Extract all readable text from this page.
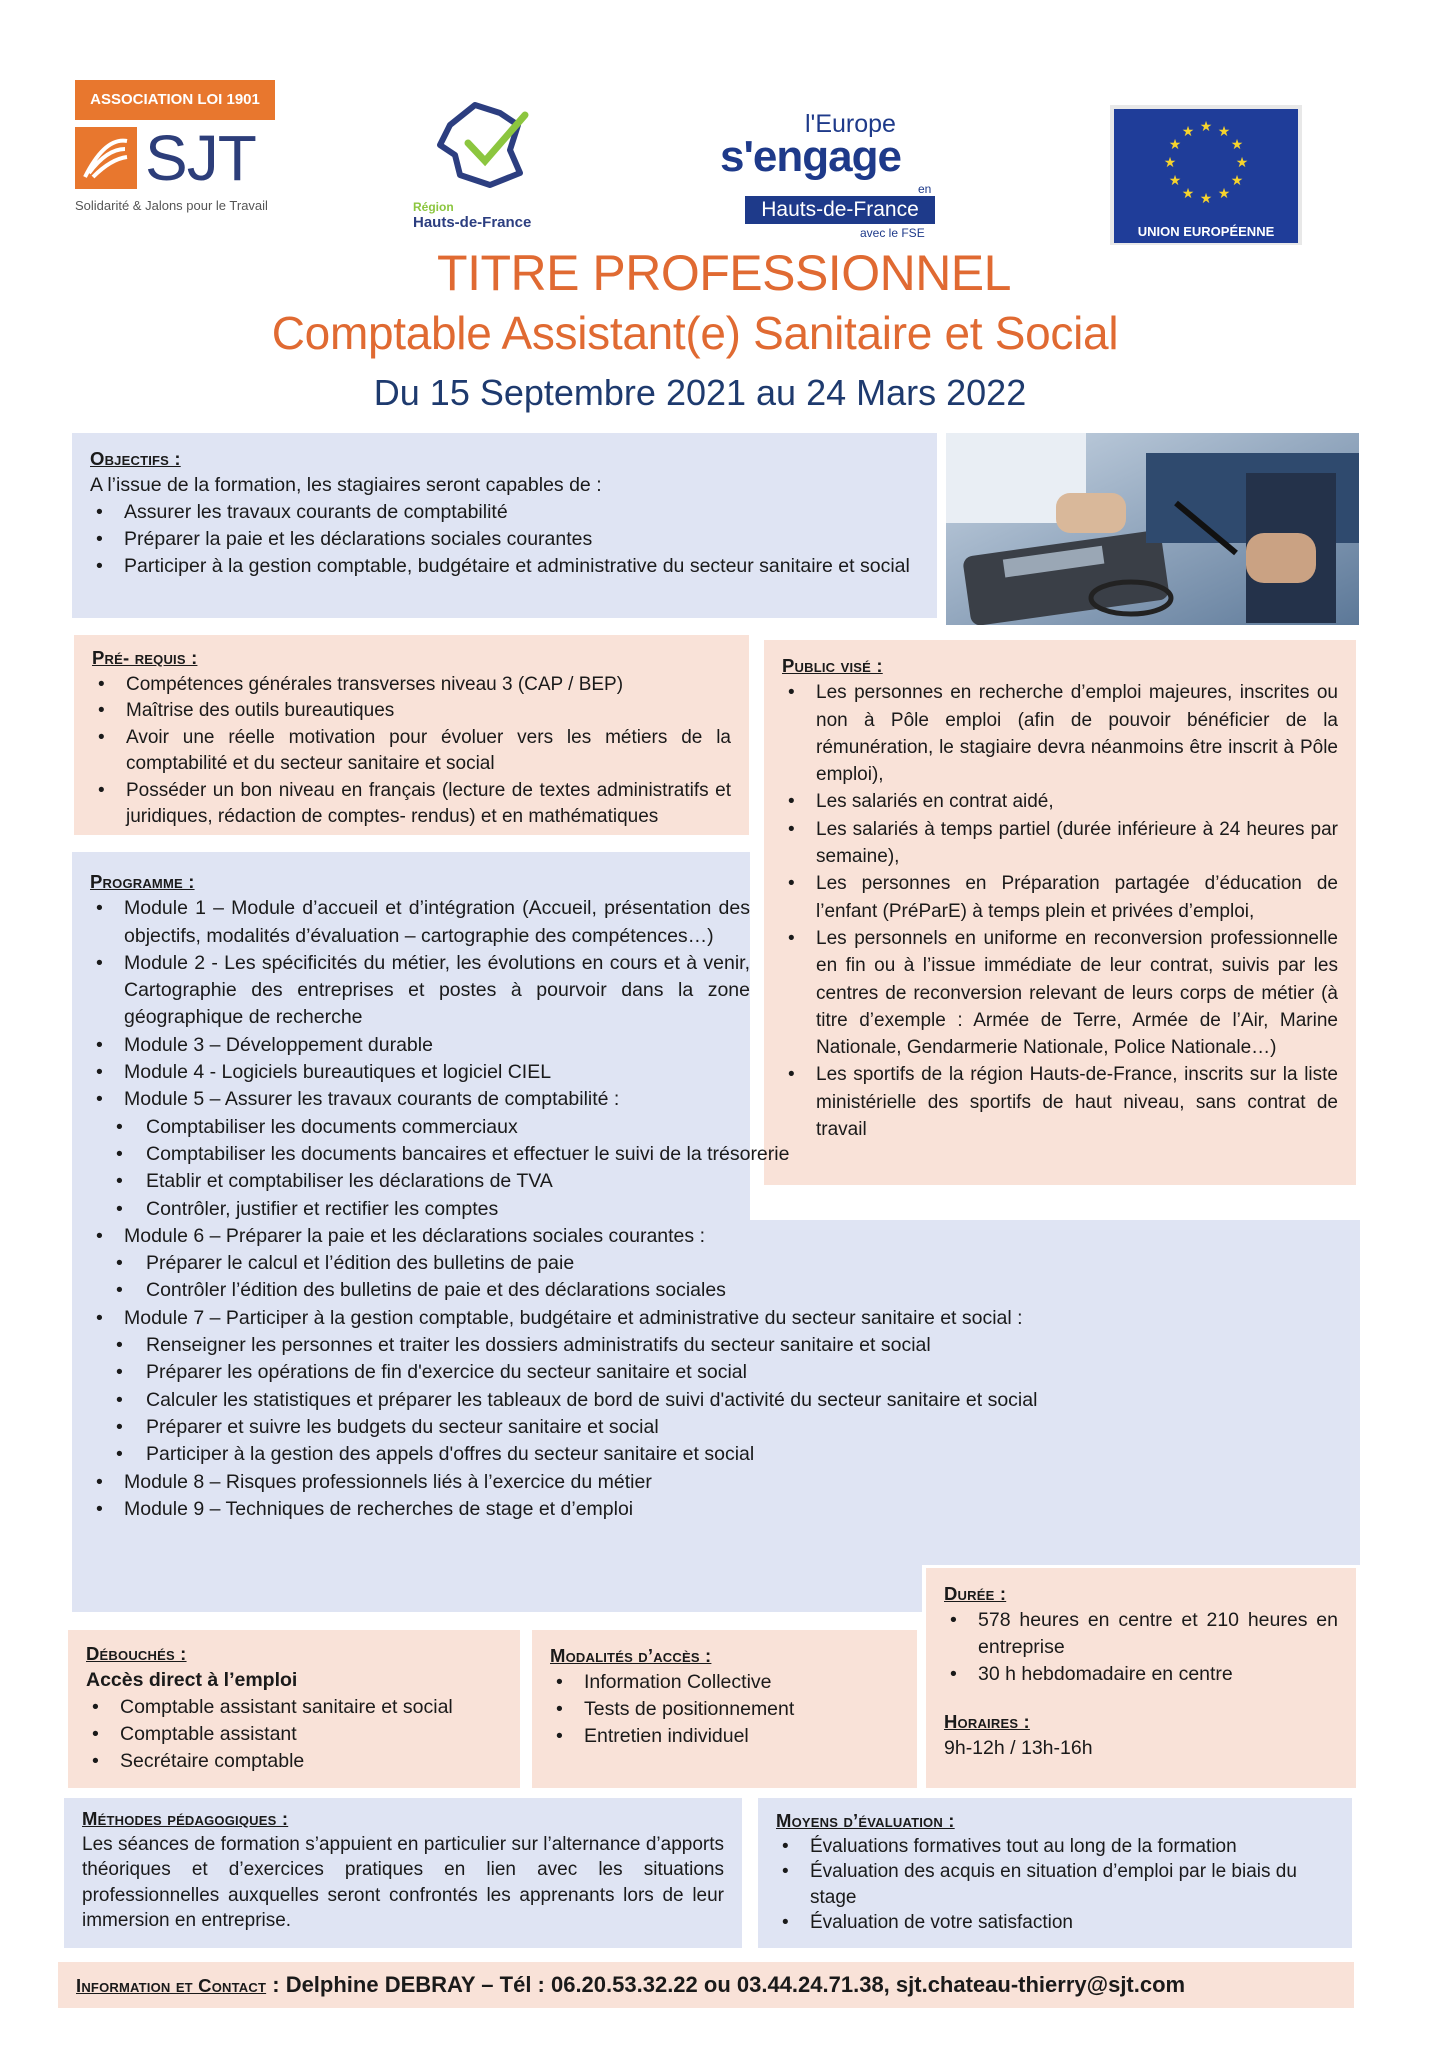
ASSOCIATION LOI 1901
SJT
Solidarité & Jalons pour le Travail	Région
Hauts-de-France
l'Europe
s'engage
en
Hauts-de-France
avec le FSE
★ ★
★
★
★
★
★
★
★
★
★
★
UNION EUROPÉENNE
TITRE PROFESSIONNEL
Comptable Assistant(e) Sanitaire et Social
Du 15 Septembre 2021 au 24 Mars 2022
Objectifs :
A l’issue de la formation, les stagiaires seront capables de :
• Assurer les travaux courants de comptabilité
• Préparer la paie et les déclarations sociales courantes
• Participer à la gestion comptable, budgétaire et administrative du secteur sanitaire et social
Pré- requis :
• Compétences générales transverses niveau 3 (CAP / BEP)
• Maîtrise des outils bureautiques
• Avoir une réelle motivation pour évoluer vers les métiers de la comptabilité et du secteur sanitaire et social
• Posséder un bon niveau en français (lecture de textes administratifs et juridiques, rédaction de comptes- rendus) et en mathématiques
Public visé :
• Les personnes en recherche d’emploi majeures, inscrites ou non à Pôle emploi (afin de pouvoir bénéficier de la rémunération, le stagiaire devra néanmoins être inscrit à Pôle emploi),
• Les salariés en contrat aidé,
• Les salariés à temps partiel (durée inférieure à 24 heures par semaine),
• Les personnes en Préparation partagée d’éducation de l’enfant (PréParE) à temps plein et privées d’emploi,
• Les personnels en uniforme en reconversion professionnelle en fin ou à l’issue immédiate de leur contrat, suivis par les centres de reconversion relevant de leurs corps de métier (à titre d’exemple : Armée de Terre, Armée de l’Air, Marine Nationale, Gendarmerie Nationale, Police Nationale…)
• Les sportifs de la région Hauts-de-France, inscrits sur la liste ministérielle des sportifs de haut niveau, sans contrat de travail
Programme :
• Module 1 – Module d’accueil et d’intégration (Accueil, présentation des objectifs, modalités d’évaluation – cartographie des compétences…)
• Module 2 - Les spécificités du métier, les évolutions en cours et à venir, Cartographie des entreprises et postes à pourvoir dans la zone géographique de recherche
• Module 3 – Développement durable
• Module 4 - Logiciels bureautiques et logiciel CIEL
• Module 5 – Assurer les travaux courants de comptabilité :
• Comptabiliser les documents commerciaux
• Comptabiliser les documents bancaires et effectuer le suivi de la trésorerie
• Etablir et comptabiliser les déclarations de TVA
• Contrôler, justifier et rectifier les comptes
• Module 6 – Préparer la paie et les déclarations sociales courantes :
• Préparer le calcul et l’édition des bulletins de paie
• Contrôler l’édition des bulletins de paie et des déclarations sociales
• Module 7 – Participer à la gestion comptable, budgétaire et administrative du secteur sanitaire et social :
• Renseigner les personnes et traiter les dossiers administratifs du secteur sanitaire et social
• Préparer les opérations de fin d'exercice du secteur sanitaire et social
• Calculer les statistiques et préparer les tableaux de bord de suivi d'activité du secteur sanitaire et social
• Préparer et suivre les budgets du secteur sanitaire et social
• Participer à la gestion des appels d'offres du secteur sanitaire et social
• Module 8 – Risques professionnels liés à l’exercice du métier
• Module 9 – Techniques de recherches de stage et d’emploi
Durée :
• 578 heures en centre et 210 heures en entreprise
• 30 h hebdomadaire en centre
Horaires :
9h-12h / 13h-16h
Débouchés :
Accès direct à l’emploi
• Comptable assistant sanitaire et social
• Comptable assistant
• Secrétaire comptable
Modalités d’accès :
• Information Collective
• Tests de positionnement
• Entretien individuel
Méthodes pédagogiques :
Les séances de formation s’appuient en particulier sur l’alternance d’apports théoriques et d’exercices pratiques en lien avec les situations professionnelles auxquelles seront confrontés les apprenants lors de leur immersion en entreprise.
Moyens d’évaluation :
• Évaluations formatives tout au long de la formation
• Évaluation des acquis en situation d’emploi par le biais du stage
• Évaluation de votre satisfaction
Information et Contact : Delphine DEBRAY – Tél : 06.20.53.32.22 ou 03.44.24.71.38, sjt.chateau-thierry@sjt.com
